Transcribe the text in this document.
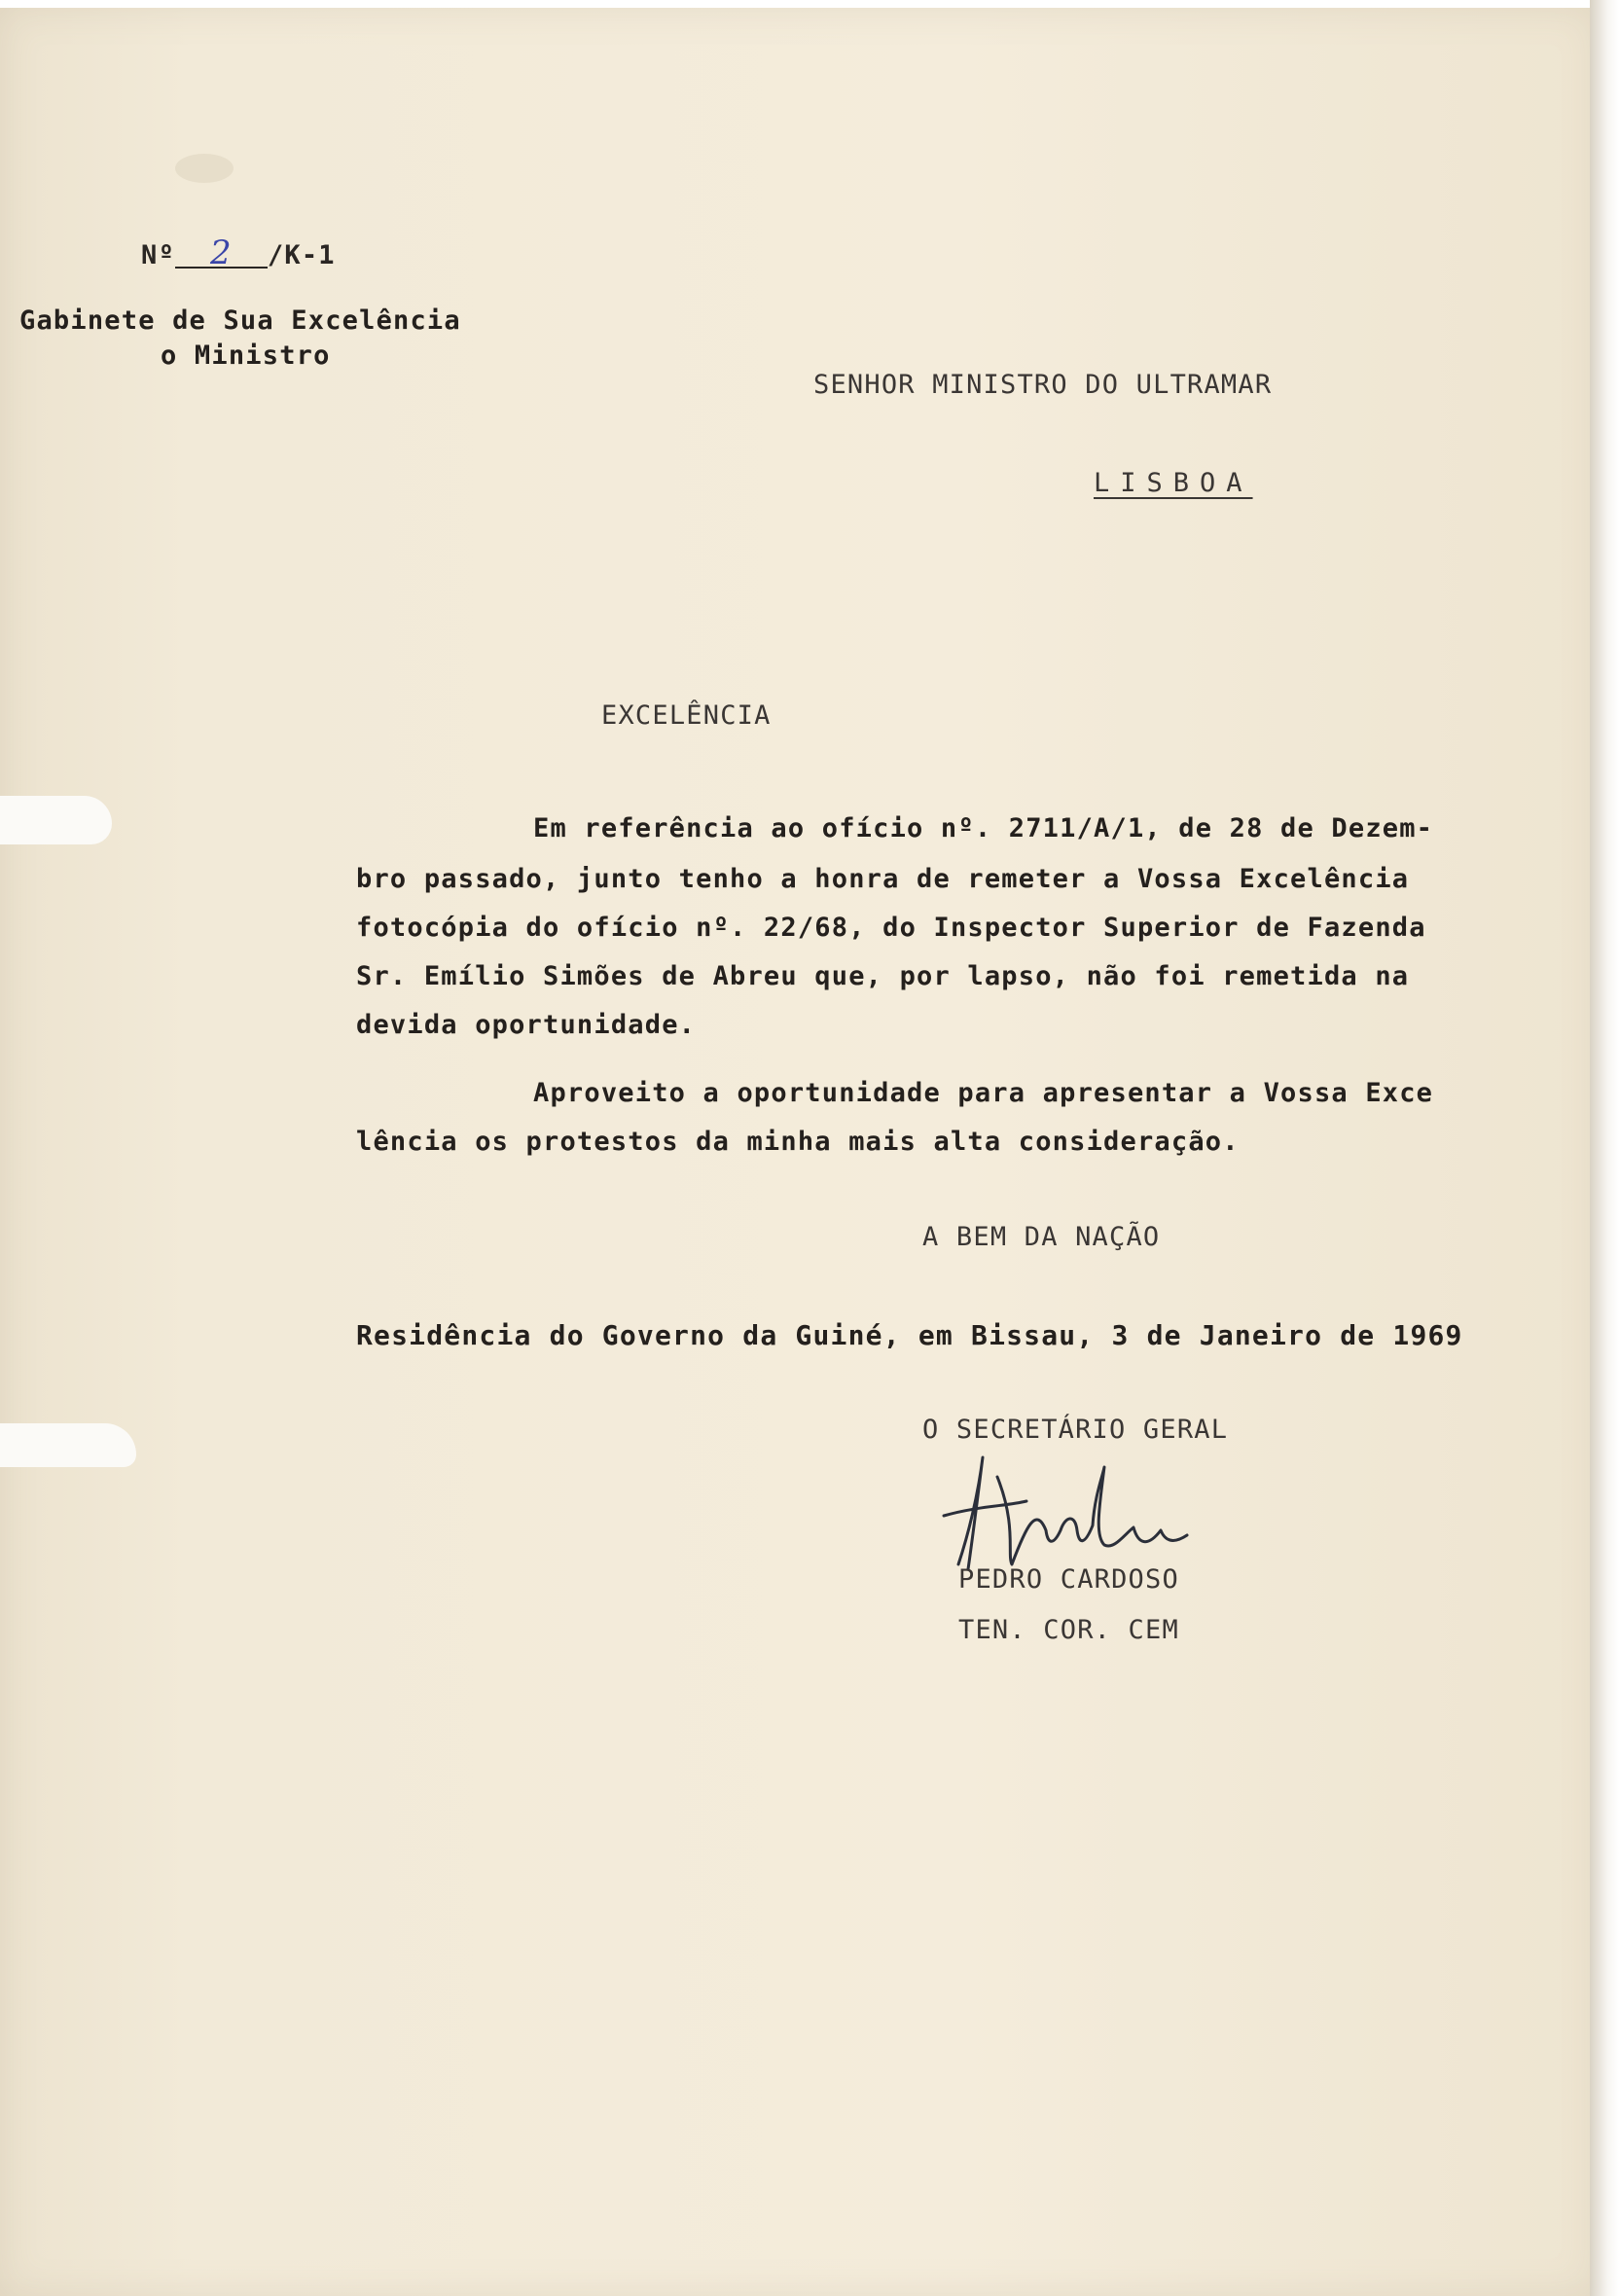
Nº 2 /K-1
Gabinete de Sua Excelência
o Ministro
SENHOR MINISTRO DO ULTRAMAR
LISBOA
EXCELÊNCIA
Em referência ao ofício nº. 2711/A/1, de 28 de Dezem-
bro passado, junto tenho a honra de remeter a Vossa Excelência
fotocópia do ofício nº. 22/68, do Inspector Superior de Fazenda
Sr. Emílio Simões de Abreu que, por lapso, não foi remetida na
devida oportunidade.
Aproveito a oportunidade para apresentar a Vossa Exce
lência os protestos da minha mais alta consideração.
A BEM DA NAÇÃO
Residência do Governo da Guiné, em Bissau, 3 de Janeiro de 1969
O SECRETÁRIO GERAL
PEDRO CARDOSO
TEN. COR. CEM
